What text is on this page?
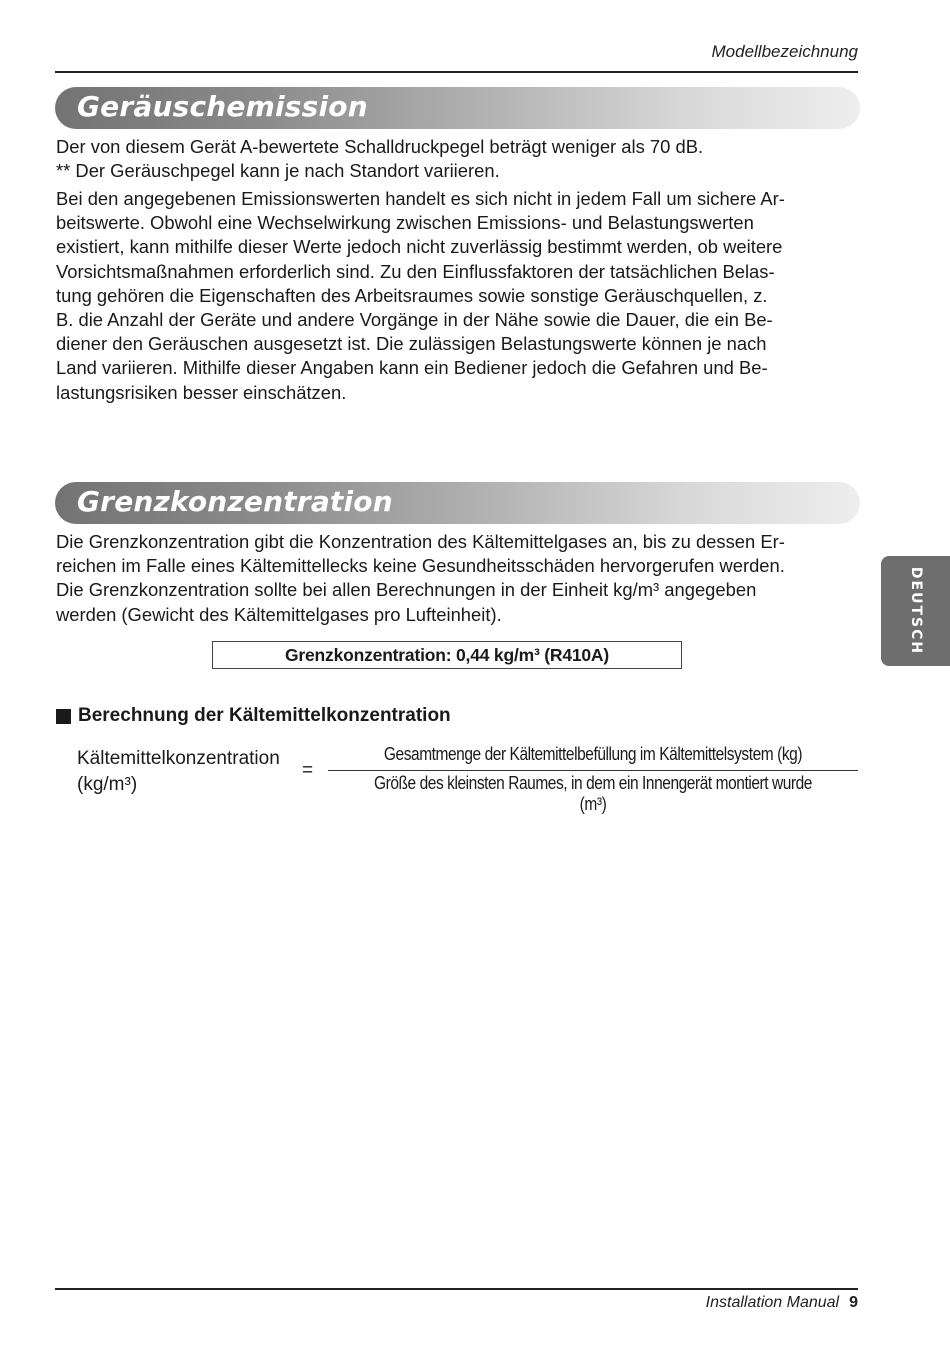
Modellbezeichnung
Geräuschemission

Der von diesem Gerät A-bewertete Schalldruckpegel beträgt weniger als 70 dB.

** Der Geräuschpegel kann je nach Standort variieren.

Bei den angegebenen Emissionswerten handelt es sich nicht in jedem Fall um sichere Ar-
beitswerte. Obwohl eine Wechselwirkung zwischen Emissions- und Belastungswerten
existiert, kann mithilfe dieser Werte jedoch nicht zuverlässig bestimmt werden, ob weitere
Vorsichtsmaßnahmen erforderlich sind. Zu den Einflussfaktoren der tatsächlichen Belas-
tung gehören die Eigenschaften des Arbeitsraumes sowie sonstige Geräuschquellen, z.
B. die Anzahl der Geräte und andere Vorgänge in der Nähe sowie die Dauer, die ein Be-
diener den Geräuschen ausgesetzt ist. Die zulässigen Belastungswerte können je nach
Land variieren. Mithilfe dieser Angaben kann ein Bediener jedoch die Gefahren und Be-
lastungsrisiken besser einschätzen.
Grenzkonzentration
Die Grenzkonzentration gibt die Konzentration des Kältemittelgases an, bis zu dessen Er-
reichen im Falle eines Kältemittellecks keine Gesundheitsschäden hervorgerufen werden.
Die Grenzkonzentration sollte bei allen Berechnungen in der Einheit kg/m³ angegeben
werden (Gewicht des Kältemittelgases pro Lufteinheit).
Grenzkonzentration: 0,44 kg/m³ (R410A)
Berechnung der Kältemittelkonzentration
Kältemittelkonzentration
(kg/m³)
=
Gesamtmenge der Kältemittelbefüllung im Kältemittelsystem (kg)
Größe des kleinsten Raumes, in dem ein Innengerät montiert wurde (m³)
DEUTSCH
Installation Manual 9
